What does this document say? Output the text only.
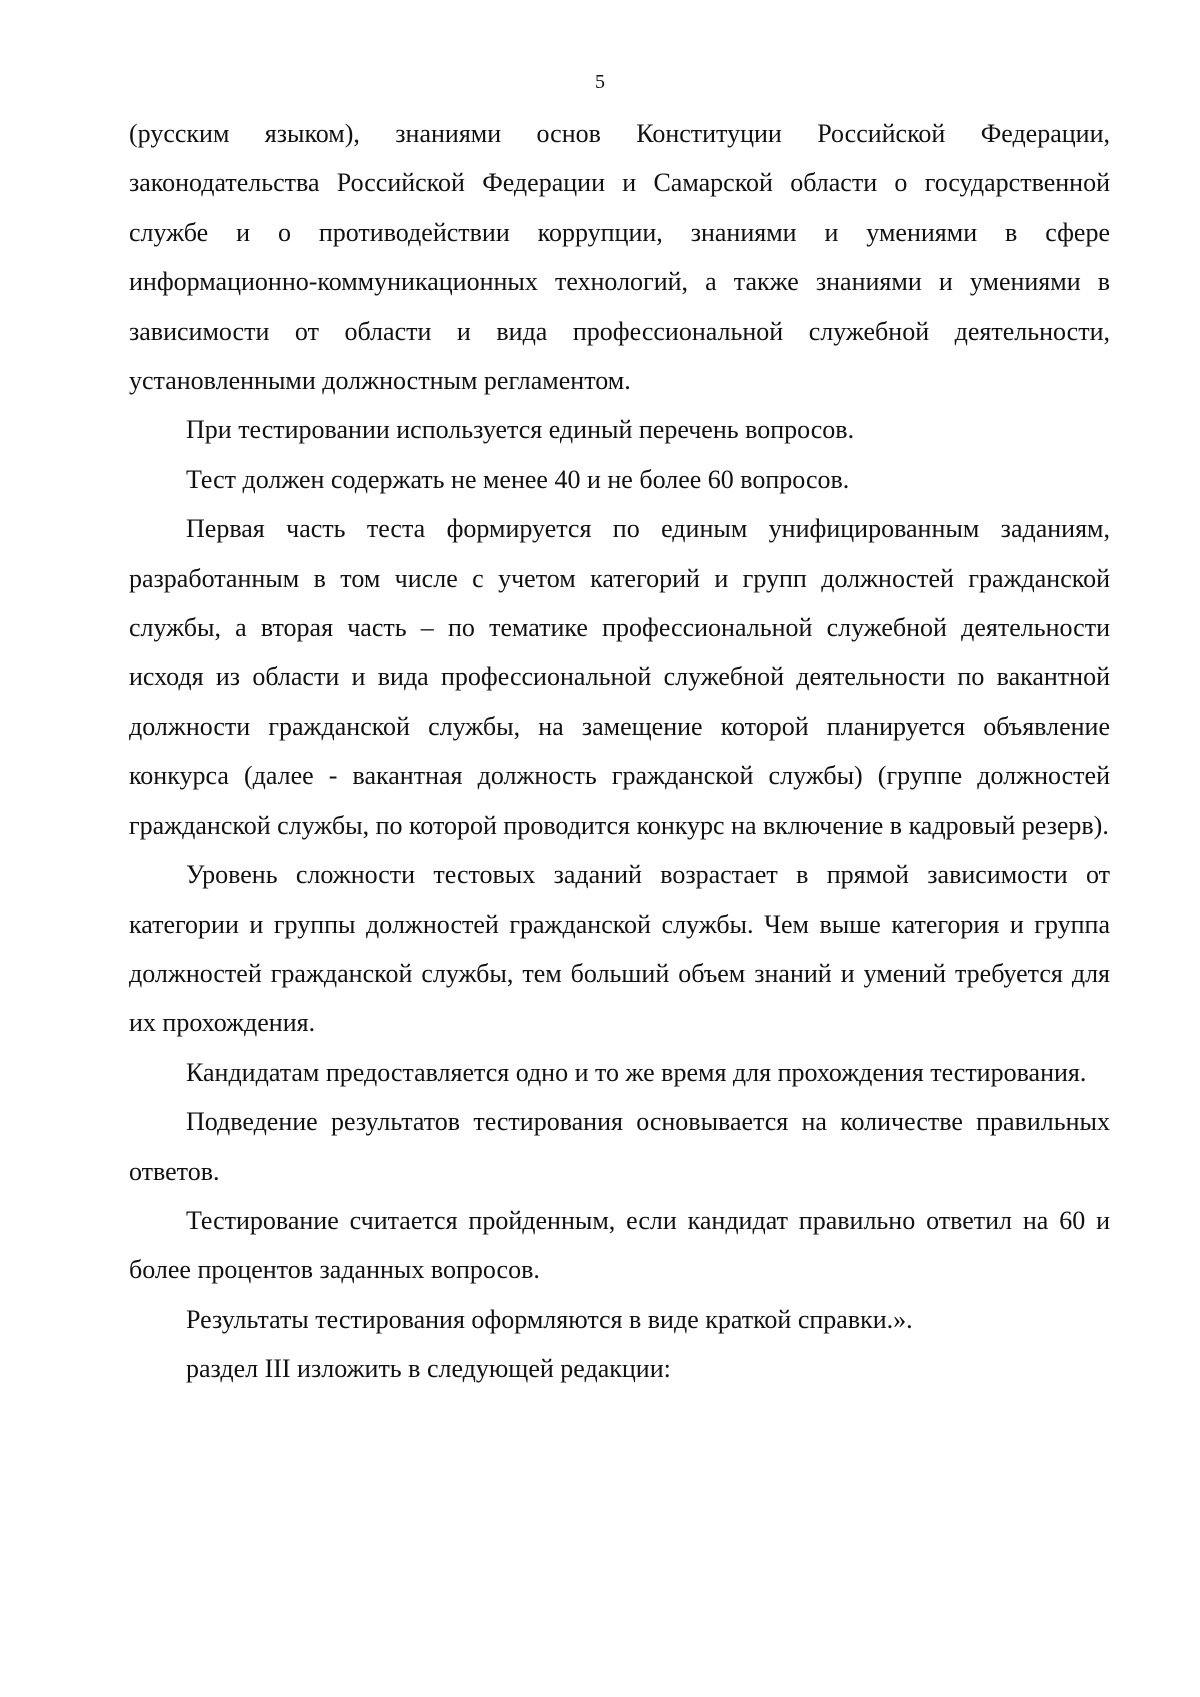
5

(русским языком), знаниями основ Конституции Российской Федерации, законодательства Российской Федерации и Самарской области о государственной службе и о противодействии коррупции, знаниями и умениями в сфере информационно-коммуникационных технологий, а также знаниями и умениями в зависимости от области и вида профессиональной служебной деятельности, установленными должностным регламентом.

При тестировании используется единый перечень вопросов.

Тест должен содержать не менее 40 и не более 60 вопросов.

Первая часть теста формируется по единым унифицированным заданиям, разработанным в том числе с учетом категорий и групп должностей гражданской службы, а вторая часть – по тематике профессиональной служебной деятельности исходя из области и вида профессиональной служебной деятельности по вакантной должности гражданской службы, на замещение которой планируется объявление конкурса (далее - вакантная должность гражданской службы) (группе должностей гражданской службы, по которой проводится конкурс на включение в кадровый резерв).

Уровень сложности тестовых заданий возрастает в прямой зависимости от категории и группы должностей гражданской службы. Чем выше категория и группа должностей гражданской службы, тем больший объем знаний и умений требуется для их прохождения.

Кандидатам предоставляется одно и то же время для прохождения тестирования.

Подведение результатов тестирования основывается на количестве правильных ответов.

Тестирование считается пройденным, если кандидат правильно ответил на 60 и более процентов заданных вопросов.

Результаты тестирования оформляются в виде краткой справки.».

раздел III изложить в следующей редакции:
